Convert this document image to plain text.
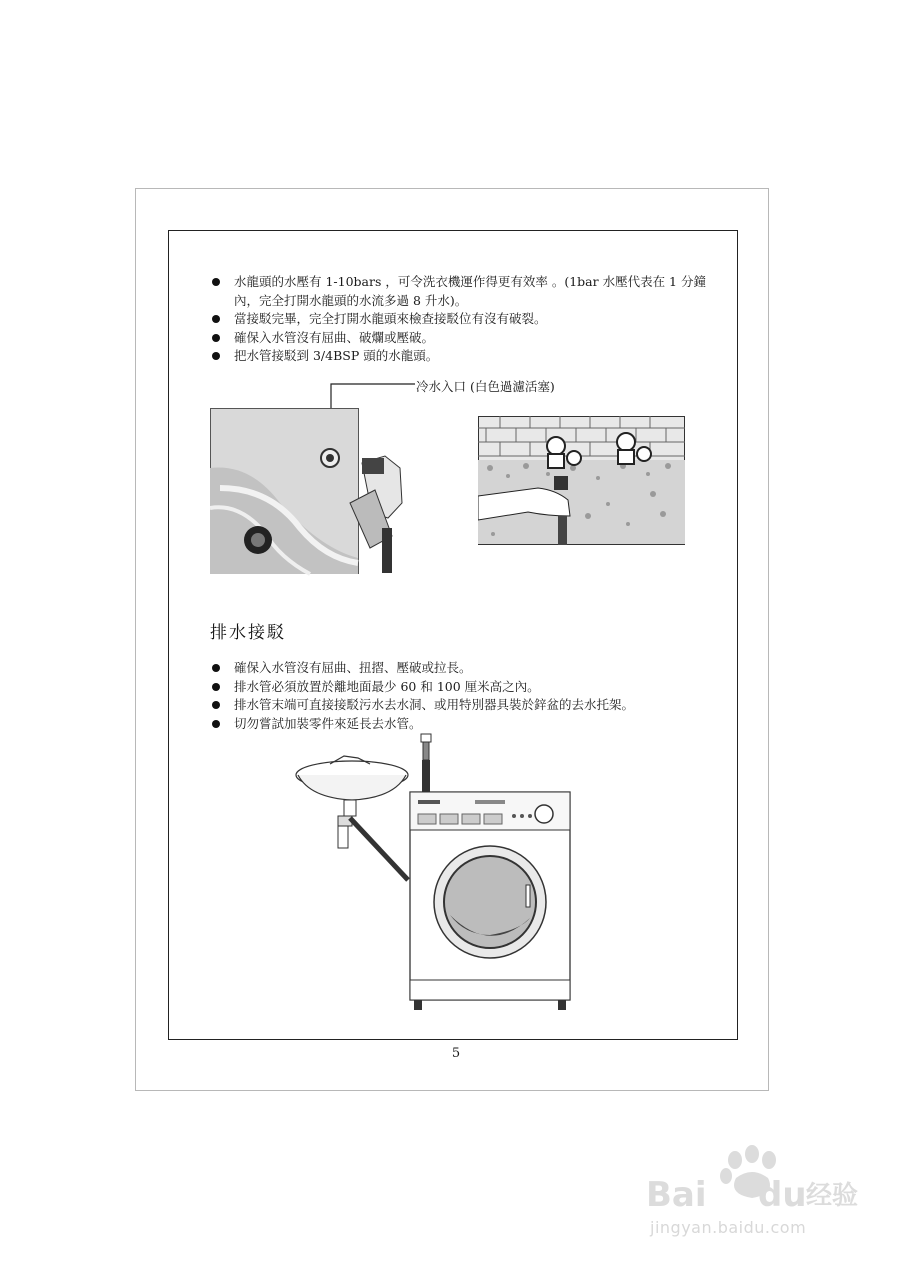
水龍頭的水壓有 1-10bars ，可令洗衣機運作得更有效率 。(1bar 水壓代表在 1 分鐘內，完全打開水龍頭的水流多過 8 升水)。
當接駁完畢，完全打開水龍頭來檢查接駁位有沒有破裂。
確保入水管沒有屈曲、破爛或壓破。
把水管接駁到 3/4BSP 頭的水龍頭。
冷水入口 (白色過濾活塞)
排水接駁
確保入水管沒有屈曲、扭摺、壓破或拉長。
排水管必須放置於離地面最少 60 和 100 厘米高之內。
排水管末端可直接接駁污水去水洞、或用特別器具裝於鋅盆的去水托架。
切勿嘗試加裝零件來延長去水管。
5
Bai du 经验
jingyan.baidu.com
